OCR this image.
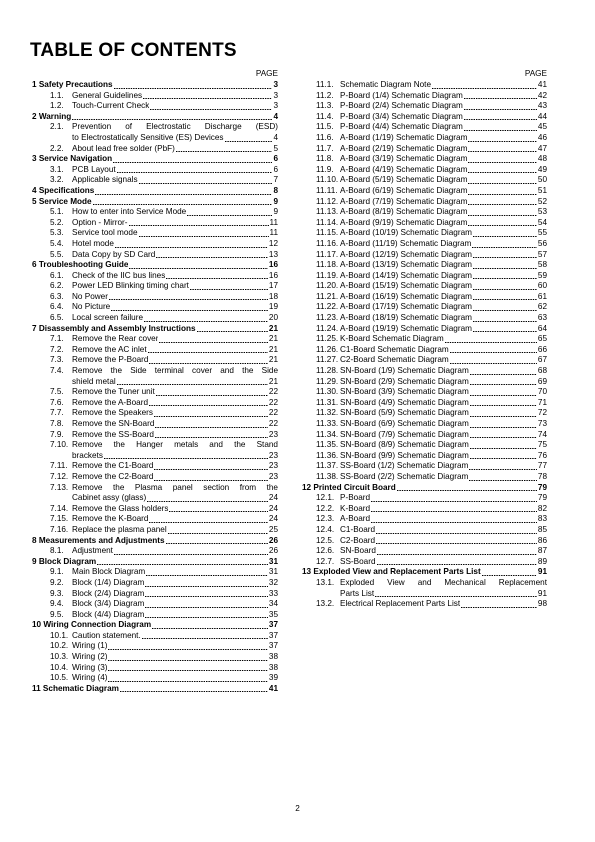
TABLE OF CONTENTS
PAGE
1 Safety Precautions	3
1.1.	General Guidelines	3
1.2.	Touch-Current Check	3
2 Warning	4
2.1.	Prevention of Electrostatic Discharge (ESD)
to Electrostatically Sensitive (ES) Devices	4
2.2.	About lead free solder (PbF)	5
3 Service Navigation	6
3.1.	PCB Layout	6
3.2.	Applicable signals	7
4 Specifications	8
5 Service Mode	9
5.1.	How to enter into Service Mode	9
5.2.	Option - Mirror-	11
5.3.	Service tool mode	11
5.4.	Hotel mode	12
5.5.	Data Copy by SD Card	13
6 Troubleshooting Guide	16
6.1.	Check of the IIC bus lines	16
6.2.	Power LED Blinking timing chart	17
6.3.	No Power	18
6.4.	No Picture	19
6.5.	Local screen failure	20
7 Disassembly and Assembly Instructions	21
7.1.	Remove the Rear cover	21
7.2.	Remove the AC inlet	21
7.3.	Remove the P-Board	21
7.4.	Remove the Side terminal cover and the Side
shield metal	21
7.5.	Remove the Tuner unit	22
7.6.	Remove the A-Board	22
7.7.	Remove the Speakers	22
7.8.	Remove the SN-Board	22
7.9.	Remove the SS-Board	23
7.10. Remove the Hanger metals and the Stand
brackets	23
7.11. Remove the C1-Board	23
7.12. Remove the C2-Board	23
7.13. Remove the Plasma panel section from the
Cabinet assy (glass)	24
7.14. Remove the Glass holders	24
7.15. Remove the K-Board	24
7.16. Replace the plasma panel	25
8 Measurements and Adjustments	26
8.1.	Adjustment	26
9 Block Diagram	31
9.1.	Main Block Diagram	31
9.2.	Block (1/4) Diagram	32
9.3.	Block (2/4) Diagram	33
9.4.	Block (3/4) Diagram	34
9.5.	Block (4/4) Diagram	35
10 Wiring Connection Diagram	37
10.1. Caution statement.	37
10.2. Wiring (1)	37
10.3. Wiring (2)	38
10.4. Wiring (3)	38
10.5. Wiring (4)	39
11 Schematic Diagram	41
PAGE
11.1. Schematic Diagram Note	41
11.2. P-Board (1/4) Schematic Diagram	42
11.3. P-Board (2/4) Schematic Diagram	43
11.4. P-Board (3/4) Schematic Diagram	44
11.5. P-Board (4/4) Schematic Diagram	45
11.6. A-Board (1/19) Schematic Diagram	46
11.7. A-Board (2/19) Schematic Diagram	47
11.8. A-Board (3/19) Schematic Diagram	48
11.9. A-Board (4/19) Schematic Diagram	49
11.10. A-Board (5/19) Schematic Diagram	50
11.11. A-Board (6/19) Schematic Diagram	51
11.12. A-Board (7/19) Schematic Diagram	52
11.13. A-Board (8/19) Schematic Diagram	53
11.14. A-Board (9/19) Schematic Diagram	54
11.15. A-Board (10/19) Schematic Diagram	55
11.16. A-Board (11/19) Schematic Diagram	56
11.17. A-Board (12/19) Schematic Diagram	57
11.18. A-Board (13/19) Schematic Diagram	58
11.19. A-Board (14/19) Schematic Diagram	59
11.20. A-Board (15/19) Schematic Diagram	60
11.21. A-Board (16/19) Schematic Diagram	61
11.22. A-Board (17/19) Schematic Diagram	62
11.23. A-Board (18/19) Schematic Diagram	63
11.24. A-Board (19/19) Schematic Diagram	64
11.25. K-Board Schematic Diagram	65
11.26. C1-Board Schematic Diagram	66
11.27. C2-Board Schematic Diagram	67
11.28. SN-Board (1/9) Schematic Diagram	68
11.29. SN-Board (2/9) Schematic Diagram	69
11.30. SN-Board (3/9) Schematic Diagram	70
11.31. SN-Board (4/9) Schematic Diagram	71
11.32. SN-Board (5/9) Schematic Diagram	72
11.33. SN-Board (6/9) Schematic Diagram	73
11.34. SN-Board (7/9) Schematic Diagram	74
11.35. SN-Board (8/9) Schematic Diagram	75
11.36. SN-Board (9/9) Schematic Diagram	76
11.37. SS-Board (1/2) Schematic Diagram	77
11.38. SS-Board (2/2) Schematic Diagram	78
12 Printed Circuit Board	79
12.1. P-Board	79
12.2. K-Board	82
12.3. A-Board	83
12.4. C1-Board	85
12.5. C2-Board	86
12.6. SN-Board	87
12.7. SS-Board	89
13 Exploded View and Replacement Parts List	91
13.1. Exploded View and Mechanical Replacement
Parts List	91
13.2. Electrical Replacement Parts List	98
2
